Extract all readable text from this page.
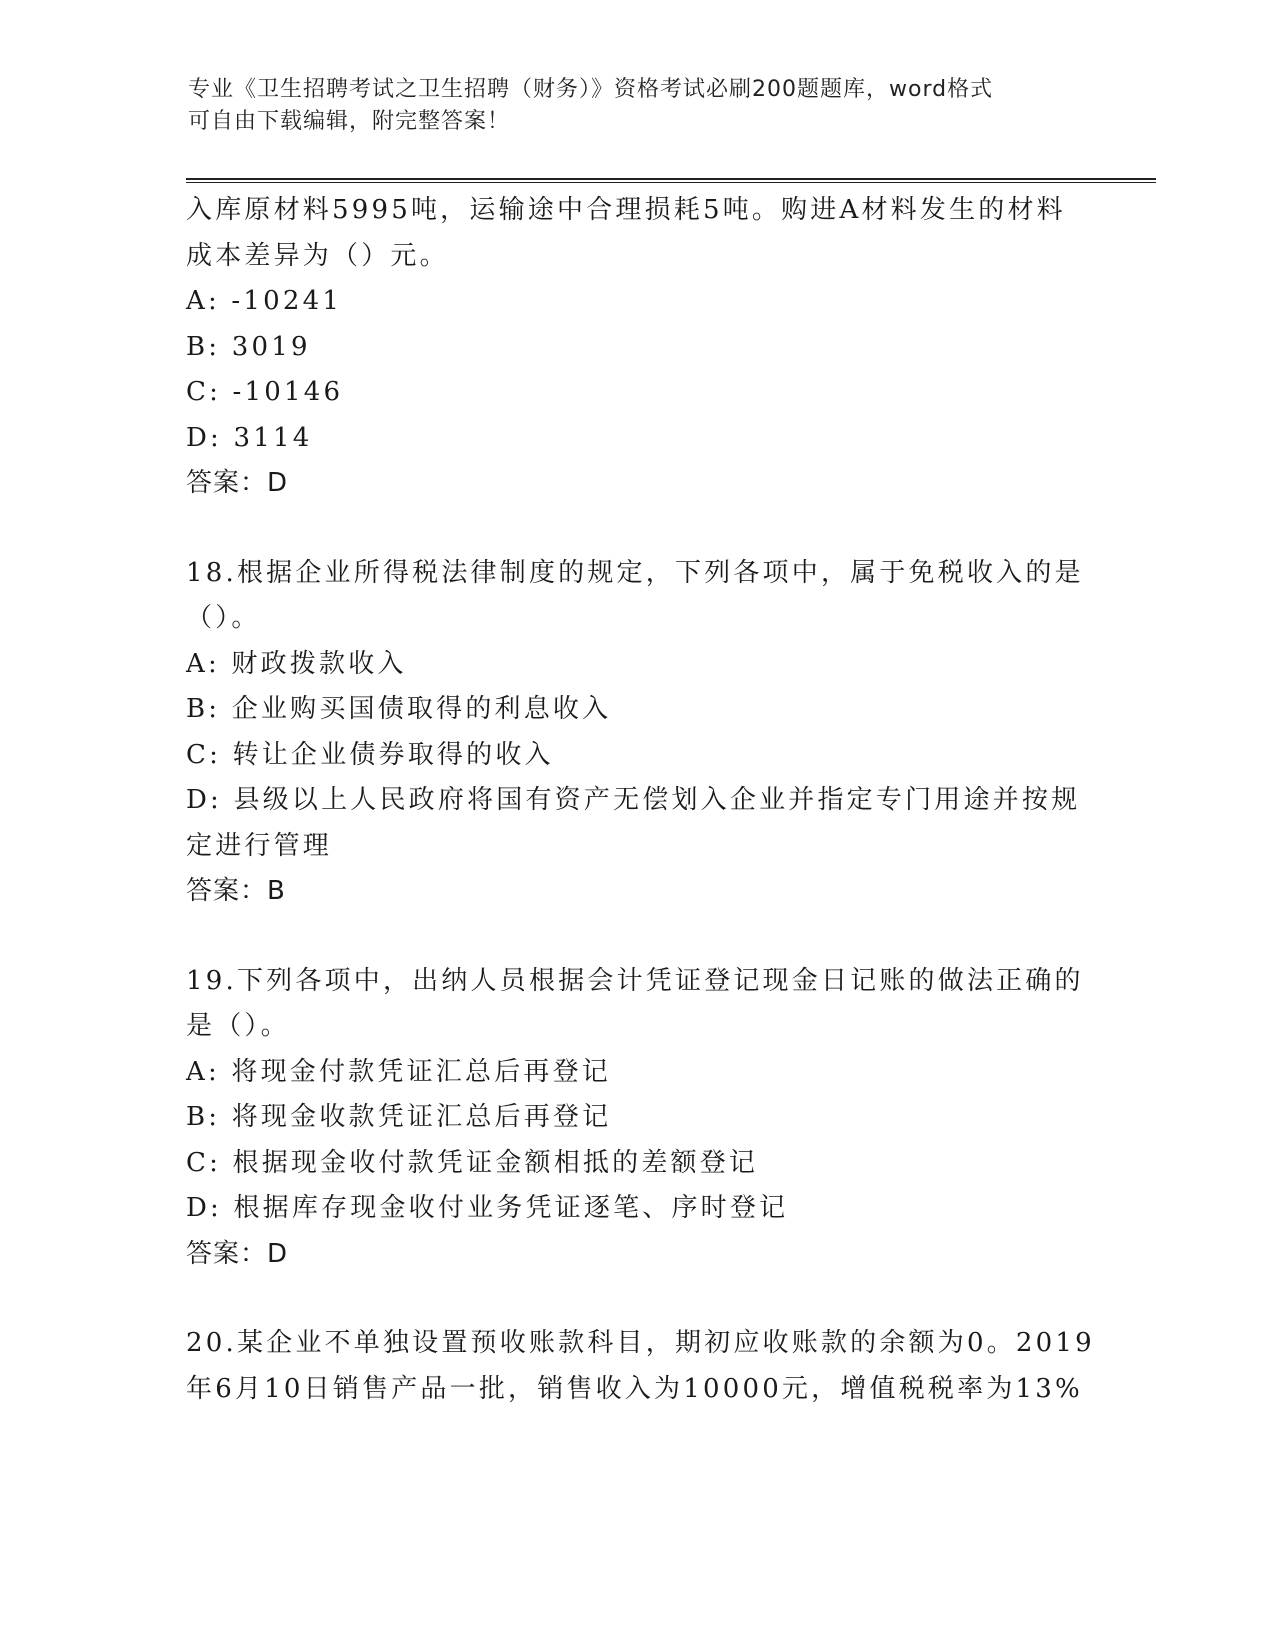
专业《卫生招聘考试之卫生招聘（财务）》资格考试必刷200题题库，word格式
可自由下载编辑，附完整答案！
入库原材料5995吨，运输途中合理损耗5吨。购进A材料发生的材料
成本差异为（）元。
A: -10241
B: 3019
C: -10146
D: 3114
答案：D
18.根据企业所得税法律制度的规定，下列各项中，属于免税收入的是
（）。
A: 财政拨款收入
B: 企业购买国债取得的利息收入
C: 转让企业债券取得的收入
D: 县级以上人民政府将国有资产无偿划入企业并指定专门用途并按规
定进行管理
答案：B
19.下列各项中，出纳人员根据会计凭证登记现金日记账的做法正确的
是（）。
A: 将现金付款凭证汇总后再登记
B: 将现金收款凭证汇总后再登记
C: 根据现金收付款凭证金额相抵的差额登记
D: 根据库存现金收付业务凭证逐笔、序时登记
答案：D
20.某企业不单独设置预收账款科目，期初应收账款的余额为0。2019
年6月10日销售产品一批，销售收入为10000元，增值税税率为13%
